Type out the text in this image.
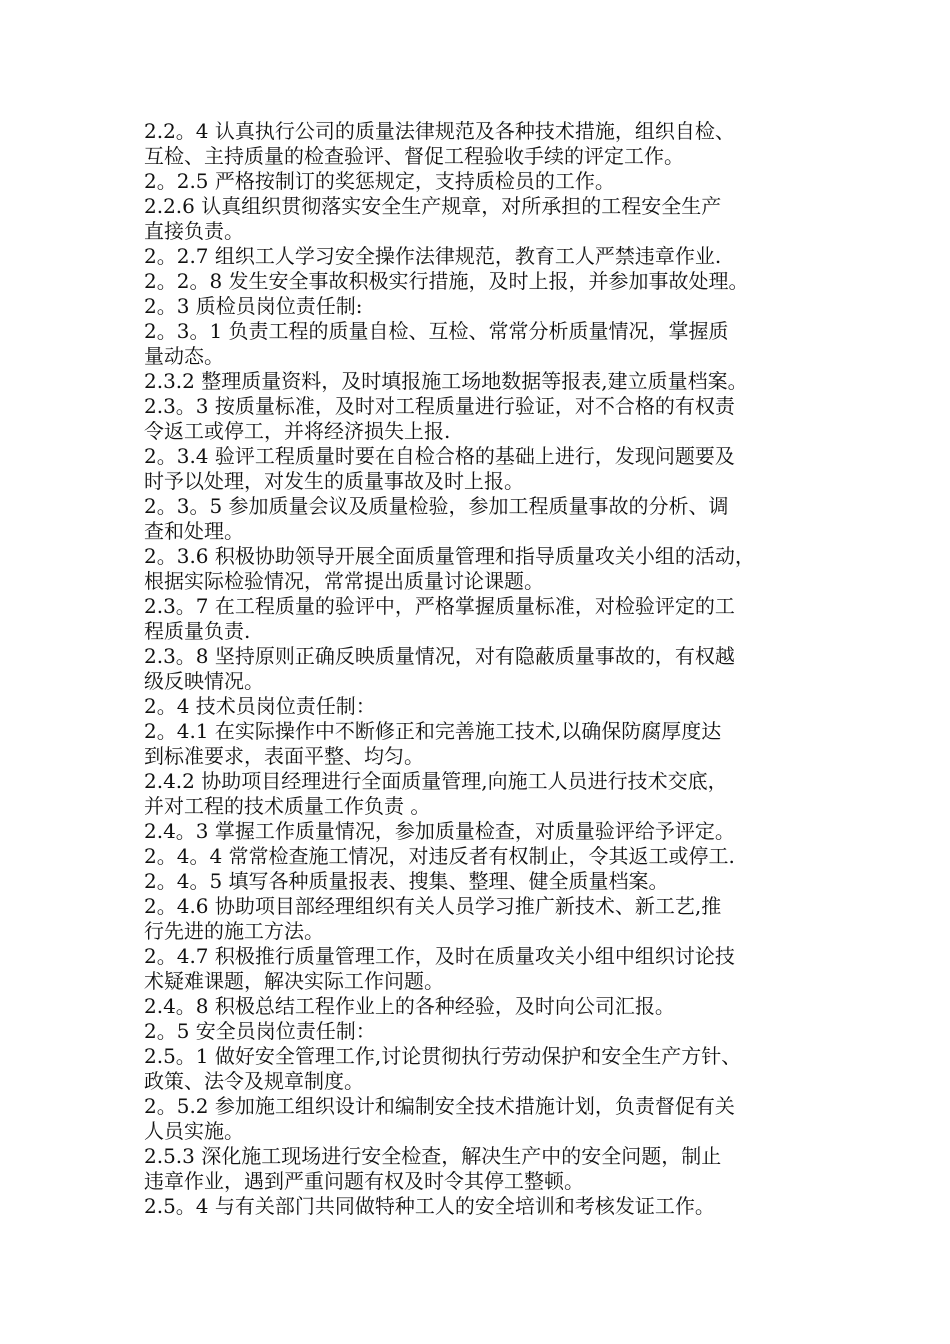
2.2。4 认真执行公司的质量法律规范及各种技术措施，组织自检、
互检、主持质量的检查验评、督促工程验收手续的评定工作。
2。2.5 严格按制订的奖惩规定，支持质检员的工作。
2.2.6 认真组织贯彻落实安全生产规章，对所承担的工程安全生产
直接负责。
2。2.7 组织工人学习安全操作法律规范，教育工人严禁违章作业.
2。2。8 发生安全事故积极实行措施，及时上报，并参加事故处理。
2。3 质检员岗位责任制:
2。3。1 负责工程的质量自检、互检、常常分析质量情况，掌握质
量动态。
2.3.2 整理质量资料，及时填报施工场地数据等报表,建立质量档案。
2.3。3 按质量标准，及时对工程质量进行验证，对不合格的有权责
令返工或停工，并将经济损失上报.
2。3.4 验评工程质量时要在自检合格的基础上进行，发现问题要及
时予以处理，对发生的质量事故及时上报。
2。3。5 参加质量会议及质量检验，参加工程质量事故的分析、调
查和处理。
2。3.6 积极协助领导开展全面质量管理和指导质量攻关小组的活动，
根据实际检验情况，常常提出质量讨论课题。
2.3。7 在工程质量的验评中，严格掌握质量标准，对检验评定的工
程质量负责.
2.3。8 坚持原则正确反映质量情况，对有隐蔽质量事故的，有权越
级反映情况。
2。4 技术员岗位责任制：
2。4.1 在实际操作中不断修正和完善施工技术,以确保防腐厚度达
到标准要求，表面平整、均匀。
2.4.2 协助项目经理进行全面质量管理,向施工人员进行技术交底，
并对工程的技术质量工作负责 。
2.4。3 掌握工作质量情况，参加质量检查，对质量验评给予评定。
2。4。4 常常检查施工情况，对违反者有权制止，令其返工或停工.
2。4。5 填写各种质量报表、搜集、整理、健全质量档案。
2。4.6 协助项目部经理组织有关人员学习推广新技术、新工艺,推
行先进的施工方法。
2。4.7 积极推行质量管理工作，及时在质量攻关小组中组织讨论技
术疑难课题，解决实际工作问题。
2.4。8 积极总结工程作业上的各种经验，及时向公司汇报。
2。5 安全员岗位责任制：
2.5。1 做好安全管理工作,讨论贯彻执行劳动保护和安全生产方针、
政策、法令及规章制度。
2。5.2 参加施工组织设计和编制安全技术措施计划，负责督促有关
人员实施。
2.5.3 深化施工现场进行安全检查，解决生产中的安全问题，制止
违章作业，遇到严重问题有权及时令其停工整顿。
2.5。4 与有关部门共同做特种工人的安全培训和考核发证工作。
